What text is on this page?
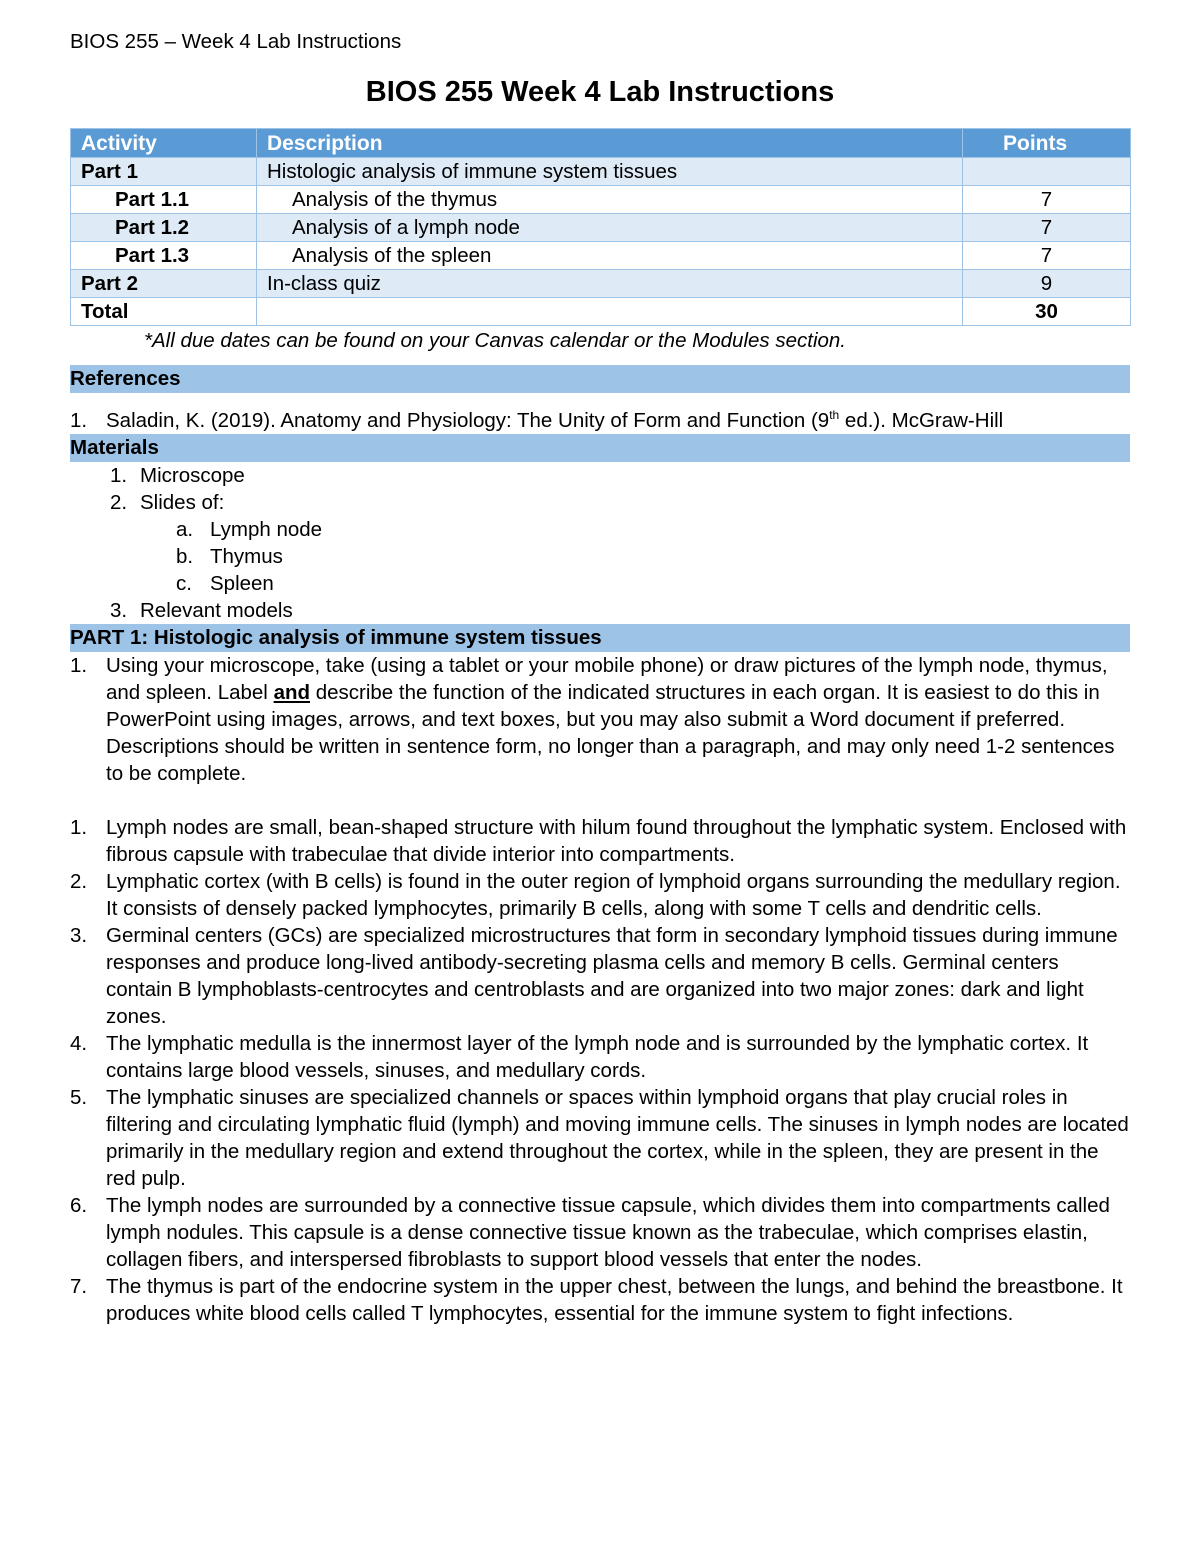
BIOS 255 – Week 4 Lab Instructions
BIOS 255 Week 4 Lab Instructions
Activity	Description	Points
Part 1	Histologic analysis of immune system tissues	
Part 1.1	Analysis of the thymus	7
Part 1.2	Analysis of a lymph node	7
Part 1.3	Analysis of the spleen	7
Part 2	In-class quiz	9
Total		30
*All due dates can be found on your Canvas calendar or the Modules section.
References
1. Saladin, K. (2019). Anatomy and Physiology: The Unity of Form and Function (9th ed.). McGraw-Hill
Materials
1. Microscope
2. Slides of:
a. Lymph node
b. Thymus
c. Spleen
3. Relevant models
PART 1: Histologic analysis of immune system tissues
1. Using your microscope, take (using a tablet or your mobile phone) or draw pictures of the lymph node, thymus, and spleen. Label and describe the function of the indicated structures in each organ. It is easiest to do this in PowerPoint using images, arrows, and text boxes, but you may also submit a Word document if preferred. Descriptions should be written in sentence form, no longer than a paragraph, and may only need 1-2 sentences to be complete.
1. Lymph nodes are small, bean-shaped structure with hilum found throughout the lymphatic system. Enclosed with fibrous capsule with trabeculae that divide interior into compartments.
2. Lymphatic cortex (with B cells) is found in the outer region of lymphoid organs surrounding the medullary region. It consists of densely packed lymphocytes, primarily B cells, along with some T cells and dendritic cells.
3. Germinal centers (GCs) are specialized microstructures that form in secondary lymphoid tissues during immune responses and produce long-lived antibody-secreting plasma cells and memory B cells. Germinal centers contain B lymphoblasts-centrocytes and centroblasts and are organized into two major zones: dark and light zones.
4. The lymphatic medulla is the innermost layer of the lymph node and is surrounded by the lymphatic cortex. It contains large blood vessels, sinuses, and medullary cords.
5. The lymphatic sinuses are specialized channels or spaces within lymphoid organs that play crucial roles in filtering and circulating lymphatic fluid (lymph) and moving immune cells. The sinuses in lymph nodes are located primarily in the medullary region and extend throughout the cortex, while in the spleen, they are present in the red pulp.
6. The lymph nodes are surrounded by a connective tissue capsule, which divides them into compartments called lymph nodules. This capsule is a dense connective tissue known as the trabeculae, which comprises elastin, collagen fibers, and interspersed fibroblasts to support blood vessels that enter the nodes.
7. The thymus is part of the endocrine system in the upper chest, between the lungs, and behind the breastbone. It produces white blood cells called T lymphocytes, essential for the immune system to fight infections.
